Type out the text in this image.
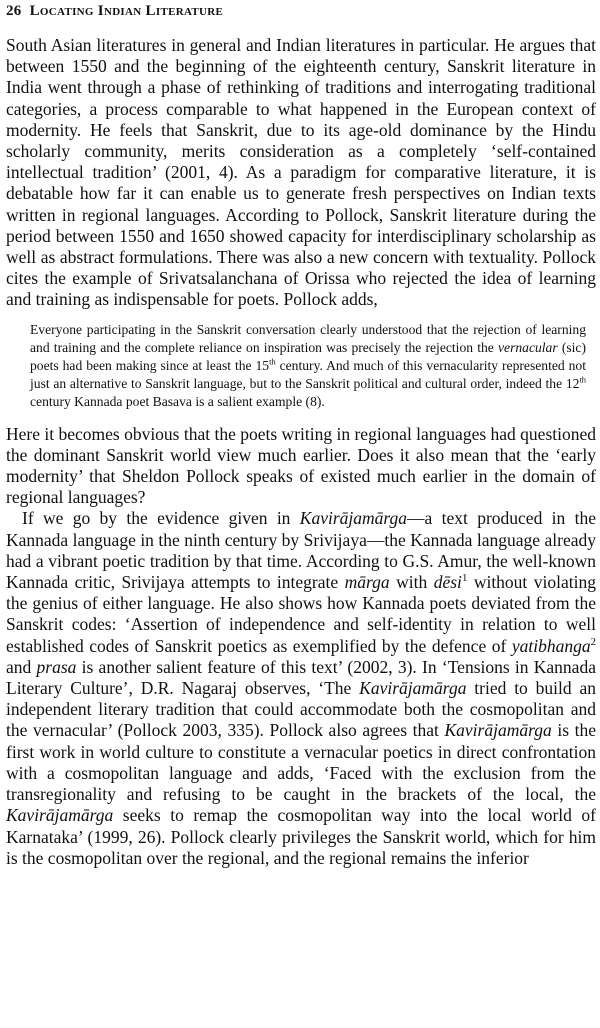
26 Locating Indian Literature

South Asian literatures in general and Indian literatures in particular. He argues that between 1550 and the beginning of the eighteenth century, Sanskrit literature in India went through a phase of rethinking of traditions and interrogating traditional categories, a process comparable to what happened in the European context of modernity. He feels that Sanskrit, due to its age-old dominance by the Hindu scholarly community, merits consideration as a completely ‘self-contained intellectual tradition’ (2001, 4). As a paradigm for comparative literature, it is debatable how far it can enable us to generate fresh perspectives on Indian texts written in regional languages. According to Pollock, Sanskrit literature during the period between 1550 and 1650 showed capacity for interdisciplinary scholarship as well as abstract formulations. There was also a new concern with textuality. Pollock cites the example of Srivatsalanchana of Orissa who rejected the idea of learning and training as indispensable for poets. Pollock adds,

Everyone participating in the Sanskrit conversation clearly understood that the rejection of learning and training and the complete reliance on inspiration was precisely the rejection the vernacular (sic) poets had been making since at least the 15th century. And much of this vernacularity represented not just an alternative to Sanskrit language, but to the Sanskrit political and cultural order, indeed the 12th century Kannada poet Basava is a salient example (8).

Here it becomes obvious that the poets writing in regional languages had questioned the dominant Sanskrit world view much earlier. Does it also mean that the ‘early modernity’ that Sheldon Pollock speaks of existed much earlier in the domain of regional languages?

If we go by the evidence given in Kavirājamārga—a text produced in the Kannada language in the ninth century by Srivijaya—the Kannada language already had a vibrant poetic tradition by that time. According to G.S. Amur, the well-known Kannada critic, Srivijaya attempts to integrate mārga with dēsi$^1$ without violating the genius of either language. He also shows how Kannada poets deviated from the Sanskrit codes: ‘Assertion of independence and self-identity in relation to well established codes of Sanskrit poetics as exemplified by the defence of yatibhanga$^2$ and prasa is another salient feature of this text’ (2002, 3). In ‘Tensions in Kannada Literary Culture’, D.R. Nagaraj observes, ‘The Kavirājamārga tried to build an independent literary tradition that could accommodate both the cosmopolitan and the vernacular’ (Pollock 2003, 335). Pollock also agrees that Kavirājamārga is the first work in world culture to constitute a vernacular poetics in direct confrontation with a cosmopolitan language and adds, ‘Faced with the exclusion from the transregionality and refusing to be caught in the brackets of the local, the Kavirājamārga seeks to remap the cosmopolitan way into the local world of Karnataka’ (1999, 26). Pollock clearly privileges the Sanskrit world, which for him is the cosmopolitan over the regional, and the regional remains the inferior
